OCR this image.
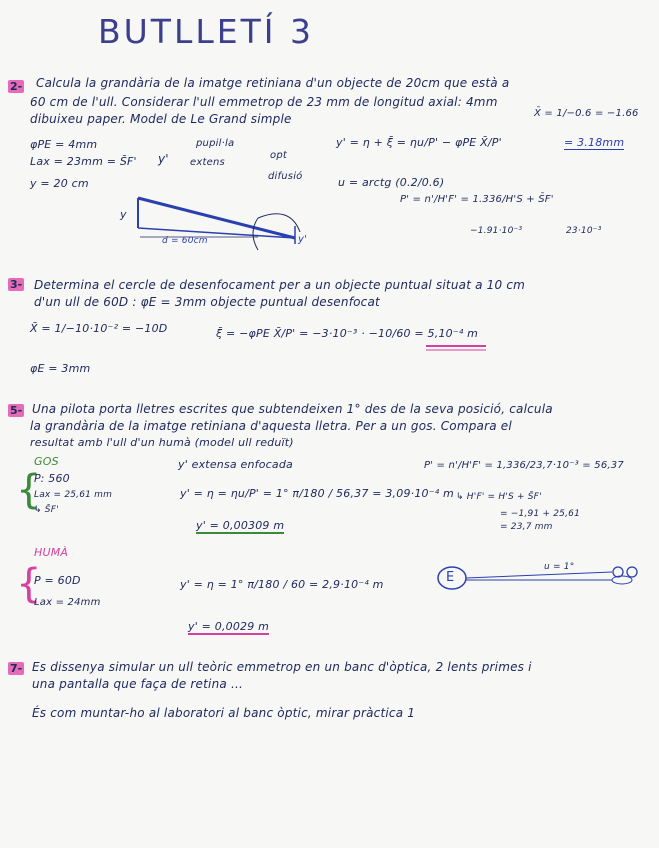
BUTLLETÍ 3
2- Calcula la grandària de la imatge retiniana d'un objecte de 20cm que està a
60 cm de l'ull. Considerar l'ull emmetrop de 23 mm de longitud axial: 4mm
dibuixeu paper. Model de Le Grand simple
φPE = 4mm
Lax = 23mm = S̄F'
y = 20 cm
y'
pupil·la
extens
opt
difusió
y' = η + ξ̄ = ηu/P' − φPE X̄/P'	= 3.18mm
X̄ = 1/−0.6 = −1.66
u = arctg (0.2/0.6)
P' = n'/H'F' = 1.336/H'S + S̄F'
−1.91·10⁻³	23·10⁻³
y
d = 60cm	y'
3- Determina el cercle de desenfocament per a un objecte puntual situat a 10 cm
d'un ull de 60D : φE = 3mm objecte puntual desenfocat
X̄ = 1/−10·10⁻² = −10D	ξ̄ = −φPE X̄/P' = −3·10⁻³ · −10/60 = 5,10⁻⁴ m
φE = 3mm
5- Una pilota porta lletres escrites que subtendeixen 1° des de la seva posició, calcula
la grandària de la imatge retiniana d'aquesta lletra. Per a un gos. Compara el
resultat amb l'ull d'un humà (model ull reduït)
GOS
{
P: 560
Lax = 25,61 mm
↳ S̄F'
y' extensa enfocada
y' = η = ηu/P' = 1° π/180 / 56,37 = 3,09·10⁻⁴ m
y' = 0,00309 m
P' = n'/H'F' = 1,336/23,7·10⁻³ = 56,37
↳ H'F' = H'S + S̄F'
= −1,91 + 25,61
= 23,7 mm
HUMÀ
{
P = 60D
Lax = 24mm
y' = η = 1° π/180 / 60 = 2,9·10⁻⁴ m
y' = 0,0029 m
E
u = 1°
7- Es dissenya simular un ull teòric emmetrop en un banc d'òptica, 2 lents primes i
una pantalla que faça de retina ...
És com muntar-ho al laboratori al banc òptic, mirar pràctica 1
